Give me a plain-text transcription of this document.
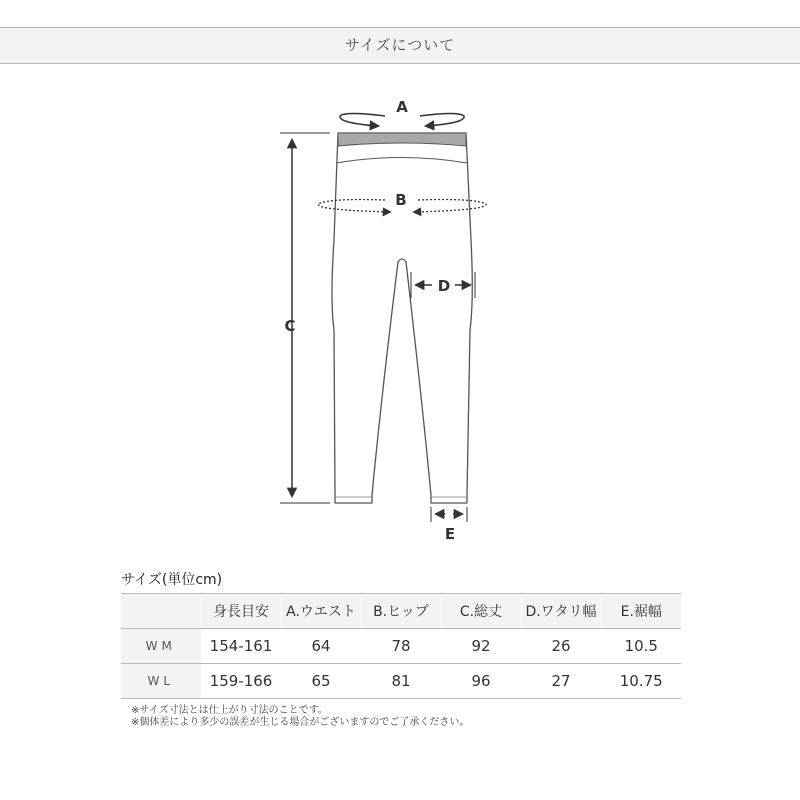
サイズについて
A
B
C
D
E
サイズ(単位cm)
	身長目安	A.ウエスト	B.ヒップ	C.総丈	D.ワタリ幅	E.裾幅
WM	154-161	64	78	92	26	10.5
WL	159-166	65	81	96	27	10.75
※サイズ寸法とは仕上がり寸法のことです。
※個体差により多少の誤差が生じる場合がございますのでご了承ください。
